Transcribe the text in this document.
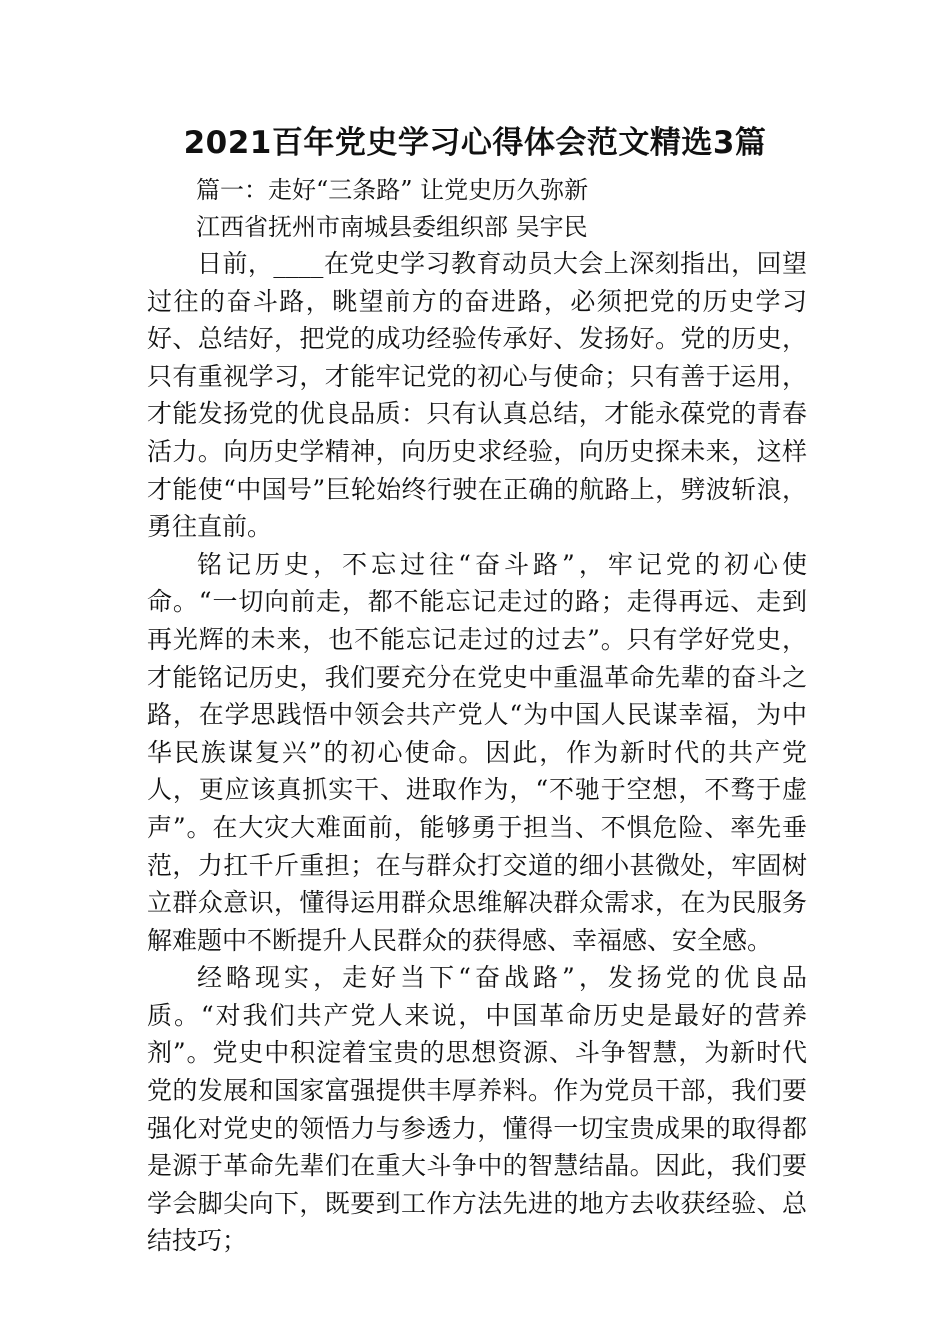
2021百年党史学习心得体会范文精选3篇

篇一：走好“三条路” 让党史历久弥新

江西省抚州市南城县委组织部 吴宇民

日前，____在党史学习教育动员大会上深刻指出，回望过往的奋斗路，眺望前方的奋进路，必须把党的历史学习好、总结好，把党的成功经验传承好、发扬好。党的历史，只有重视学习，才能牢记党的初心与使命；只有善于运用，才能发扬党的优良品质：只有认真总结，才能永葆党的青春活力。向历史学精神，向历史求经验，向历史探未来，这样才能使“中国号”巨轮始终行驶在正确的航路上，劈波斩浪，勇往直前。

铭记历史，不忘过往“奋斗路”，牢记党的初心使命。“一切向前走，都不能忘记走过的路；走得再远、走到再光辉的未来，也不能忘记走过的过去”。只有学好党史，才能铭记历史，我们要充分在党史中重温革命先辈的奋斗之路，在学思践悟中领会共产党人“为中国人民谋幸福，为中华民族谋复兴”的初心使命。因此，作为新时代的共产党人，更应该真抓实干、进取作为，“不驰于空想，不骛于虚声”。在大灾大难面前，能够勇于担当、不惧危险、率先垂范，力扛千斤重担；在与群众打交道的细小甚微处，牢固树立群众意识，懂得运用群众思维解决群众需求，在为民服务解难题中不断提升人民群众的获得感、幸福感、安全感。

经略现实，走好当下“奋战路”，发扬党的优良品质。“对我们共产党人来说，中国革命历史是最好的营养剂”。党史中积淀着宝贵的思想资源、斗争智慧，为新时代党的发展和国家富强提供丰厚养料。作为党员干部，我们要强化对党史的领悟力与参透力，懂得一切宝贵成果的取得都是源于革命先辈们在重大斗争中的智慧结晶。因此，我们要学会脚尖向下，既要到工作方法先进的地方去收获经验、总结技巧；
